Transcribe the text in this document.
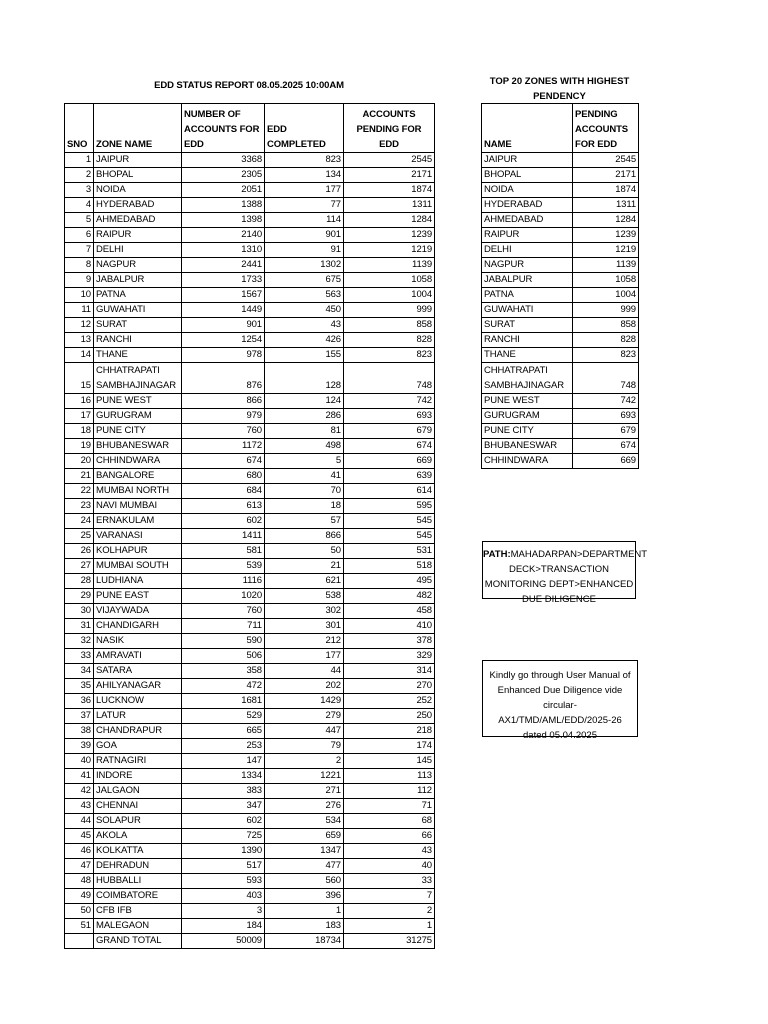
EDD STATUS REPORT 08.05.2025 10:00AM	TOP 20 ZONES WITH HIGHEST PENDENCY
SNO	ZONE NAME	NUMBER OF ACCOUNTS FOR EDD	EDD COMPLETED	ACCOUNTS PENDING FOR EDD
1	JAIPUR	3368	823	2545
2	BHOPAL	2305	134	2171
3	NOIDA	2051	177	1874
4	HYDERABAD	1388	77	1311
5	AHMEDABAD	1398	114	1284
6	RAIPUR	2140	901	1239
7	DELHI	1310	91	1219
8	NAGPUR	2441	1302	1139
9	JABALPUR	1733	675	1058
10	PATNA	1567	563	1004
11	GUWAHATI	1449	450	999
12	SURAT	901	43	858
13	RANCHI	1254	426	828
14	THANE	978	155	823
15	CHHATRAPATI SAMBHAJINAGAR	876	128	748
16	PUNE WEST	866	124	742
17	GURUGRAM	979	286	693
18	PUNE CITY	760	81	679
19	BHUBANESWAR	1172	498	674
20	CHHINDWARA	674	5	669
21	BANGALORE	680	41	639
22	MUMBAI NORTH	684	70	614
23	NAVI MUMBAI	613	18	595
24	ERNAKULAM	602	57	545
25	VARANASI	1411	866	545
26	KOLHAPUR	581	50	531
27	MUMBAI SOUTH	539	21	518
28	LUDHIANA	1116	621	495
29	PUNE EAST	1020	538	482
30	VIJAYWADA	760	302	458
31	CHANDIGARH	711	301	410
32	NASIK	590	212	378
33	AMRAVATI	506	177	329
34	SATARA	358	44	314
35	AHILYANAGAR	472	202	270
36	LUCKNOW	1681	1429	252
37	LATUR	529	279	250
38	CHANDRAPUR	665	447	218
39	GOA	253	79	174
40	RATNAGIRI	147	2	145
41	INDORE	1334	1221	113
42	JALGAON	383	271	112
43	CHENNAI	347	276	71
44	SOLAPUR	602	534	68
45	AKOLA	725	659	66
46	KOLKATTA	1390	1347	43
47	DEHRADUN	517	477	40
48	HUBBALLI	593	560	33
49	COIMBATORE	403	396	7
50	CFB IFB	3	1	2
51	MALEGAON	184	183	1
	GRAND TOTAL	50009	18734	31275
NAME	PENDING ACCOUNTS FOR EDD
JAIPUR	2545
BHOPAL	2171
NOIDA	1874
HYDERABAD	1311
AHMEDABAD	1284
RAIPUR	1239
DELHI	1219
NAGPUR	1139
JABALPUR	1058
PATNA	1004
GUWAHATI	999
SURAT	858
RANCHI	828
THANE	823
CHHATRAPATI SAMBHAJINAGAR	748
PUNE WEST	742
GURUGRAM	693
PUNE CITY	679
BHUBANESWAR	674
CHHINDWARA	669
PATH:MAHADARPAN>DEPARTMENT DECK>TRANSACTION MONITORING DEPT>ENHANCED DUE DILIGENCE
Kindly go through User Manual of Enhanced Due Diligence vide circular-AX1/TMD/AML/EDD/2025-26 dated 05.04.2025
